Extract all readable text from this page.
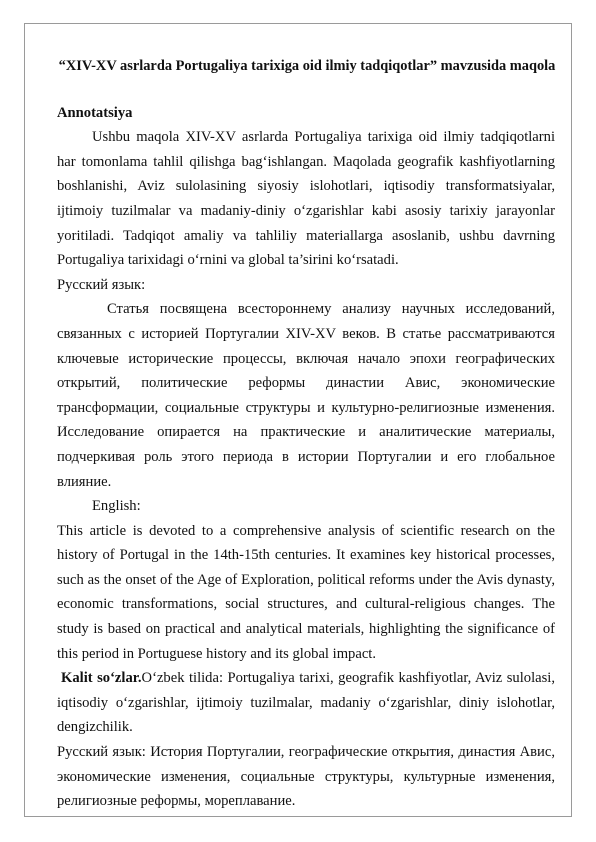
“XIV-XV asrlarda Portugaliya tarixiga oid ilmiy tadqiqotlar” mavzusida maqola

Annotatsiya

Ushbu maqola XIV-XV asrlarda Portugaliya tarixiga oid ilmiy tadqiqotlarni har tomonlama tahlil qilishga bag‘ishlangan. Maqolada geografik kashfiyotlarning boshlanishi, Aviz sulolasining siyosiy islohotlari, iqtisodiy transformatsiyalar, ijtimoiy tuzilmalar va madaniy-diniy o‘zgarishlar kabi asosiy tarixiy jarayonlar yoritiladi. Tadqiqot amaliy va tahliliy materiallarga asoslanib, ushbu davrning Portugaliya tarixidagi o‘rnini va global ta’sirini ko‘rsatadi.

Русский язык:

Статья посвящена всестороннему анализу научных исследований, связанных с историей Португалии XIV-XV веков. В статье рассматриваются ключевые исторические процессы, включая начало эпохи географических открытий, политические реформы династии Авис, экономические трансформации, социальные структуры и культурно-религиозные изменения. Исследование опирается на практические и аналитические материалы, подчеркивая роль этого периода в истории Португалии и его глобальное влияние.

English:

This article is devoted to a comprehensive analysis of scientific research on the history of Portugal in the 14th-15th centuries. It examines key historical processes, such as the onset of the Age of Exploration, political reforms under the Avis dynasty, economic transformations, social structures, and cultural-religious changes. The study is based on practical and analytical materials, highlighting the significance of this period in Portuguese history and its global impact.

Kalit so‘zlar.O‘zbek tilida: Portugaliya tarixi, geografik kashfiyotlar, Aviz sulolasi, iqtisodiy o‘zgarishlar, ijtimoiy tuzilmalar, madaniy o‘zgarishlar, diniy islohotlar, dengizchilik.

Русский язык: История Португалии, географические открытия, династия Авис, экономические изменения, социальные структуры, культурные изменения, религиозные реформы, мореплавание.
